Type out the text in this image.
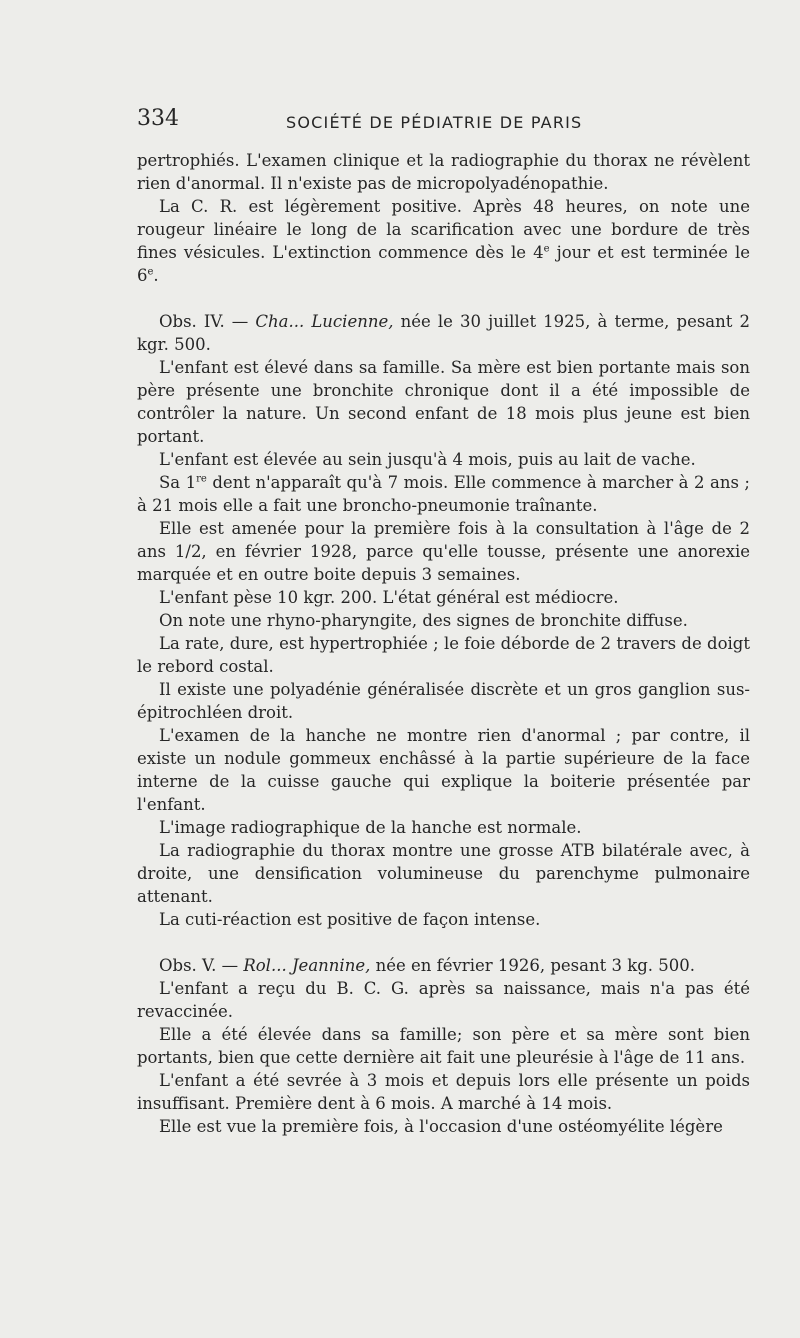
334	SOCIÉTÉ DE PÉDIATRIE DE PARIS

pertrophiés. L'examen clinique et la radiographie du thorax ne révèlent rien d'anormal. Il n'existe pas de micropolyadénopathie.

La C. R. est légèrement positive. Après 48 heures, on note une rougeur linéaire le long de la scarification avec une bordure de très fines vésicules. L'extinction commence dès le 4e jour et est terminée le 6e.

Obs. IV. — Cha... Lucienne, née le 30 juillet 1925, à terme, pesant 2 kgr. 500.

L'enfant est élevé dans sa famille. Sa mère est bien portante mais son père présente une bronchite chronique dont il a été impossible de contrôler la nature. Un second enfant de 18 mois plus jeune est bien portant.

L'enfant est élevée au sein jusqu'à 4 mois, puis au lait de vache.

Sa 1re dent n'apparaît qu'à 7 mois. Elle commence à marcher à 2 ans ; à 21 mois elle a fait une broncho-pneumonie traînante.

Elle est amenée pour la première fois à la consultation à l'âge de 2 ans 1/2, en février 1928, parce qu'elle tousse, présente une anorexie marquée et en outre boite depuis 3 semaines.

L'enfant pèse 10 kgr. 200. L'état général est médiocre.

On note une rhyno-pharyngite, des signes de bronchite diffuse.

La rate, dure, est hypertrophiée ; le foie déborde de 2 travers de doigt le rebord costal.

Il existe une polyadénie généralisée discrète et un gros ganglion sus-épitrochléen droit.

L'examen de la hanche ne montre rien d'anormal ; par contre, il existe un nodule gommeux enchâssé à la partie supérieure de la face interne de la cuisse gauche qui explique la boiterie présentée par l'enfant.

L'image radiographique de la hanche est normale.

La radiographie du thorax montre une grosse ATB bilatérale avec, à droite, une densification volumineuse du parenchyme pulmonaire attenant.

La cuti-réaction est positive de façon intense.

Obs. V. — Rol... Jeannine, née en février 1926, pesant 3 kg. 500.

L'enfant a reçu du B. C. G. après sa naissance, mais n'a pas été revaccinée.

Elle a été élevée dans sa famille; son père et sa mère sont bien portants, bien que cette dernière ait fait une pleurésie à l'âge de 11 ans.

L'enfant a été sevrée à 3 mois et depuis lors elle présente un poids insuffisant. Première dent à 6 mois. A marché à 14 mois.

Elle est vue la première fois, à l'occasion d'une ostéomyélite légère
